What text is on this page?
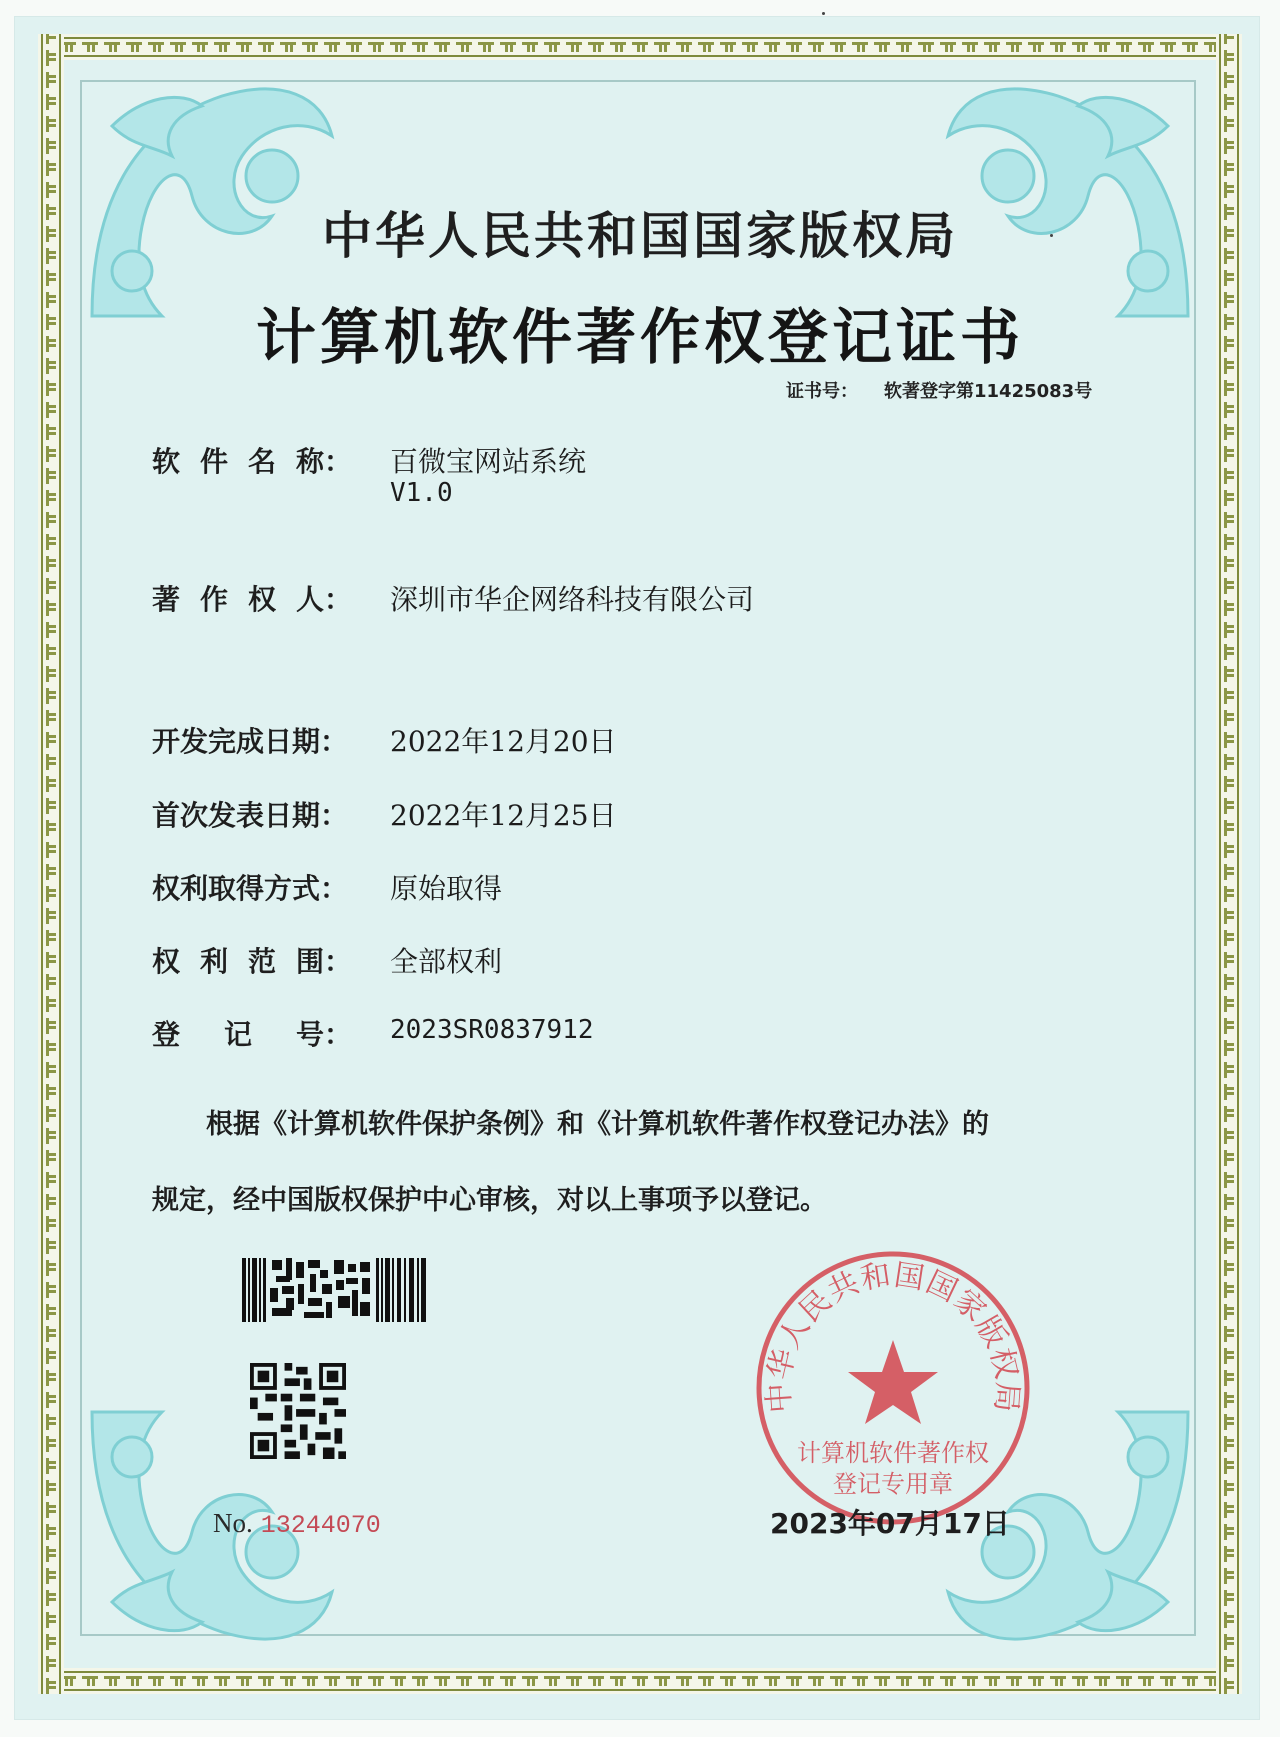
中华人民共和国国家版权局
计算机软件著作权登记证书
证书号： 软著登字第11425083号
软 件 名 称： 百微宝网站系统
V1.0
著 作 权 人： 深圳市华企网络科技有限公司
开发完成日期： 2022年12月20日
首次发表日期： 2022年12月25日
权利取得方式： 原始取得
权 利 范 围： 全部权利
登 记 号： 2023SR0837912
根据《计算机软件保护条例》和《计算机软件著作权登记办法》的
规定，经中国版权保护中心审核，对以上事项予以登记。
No. 13244070
中华人民共和国国家版权局
计算机软件著作权
登记专用章
2023年07月17日
